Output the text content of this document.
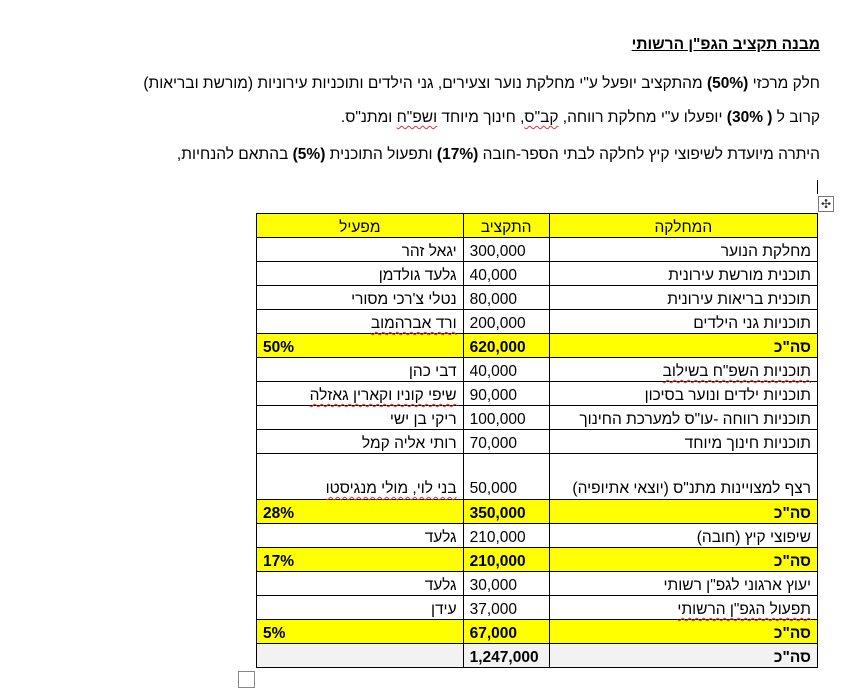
מבנה תקציב הגפ"ן הרשותי
חלק מרכזי (50%) מהתקציב יופעל ע"י מחלקת נוער וצעירים, גני הילדים ותוכניות עירוניות (מורשת ובריאות)
קרוב ל ( 30%) יופעלו ע"י מחלקת רווחה, קב"ס, חינוך מיוחד ושפ"ח ומתנ"ס.
היתרה מיועדת לשיפוצי קיץ לחלקה לבתי הספר-חובה (17%) ותפעול התוכנית (5%) בהתאם להנחיות,
✣
המחלקה	התקציב	מפעיל
מחלקת הנוער	300,000	יגאל זהר
תוכנית מורשת עירונית	40,000	גלעד גולדמן
תוכנית בריאות עירונית	80,000	נטלי צ'רכי מסורי
תוכניות גני הילדים	200,000	ורד אברהמוב
סה"כ	620,000	50%
תוכניות השפ"ח בשילוב	40,000	דבי כהן
תוכניות ילדים ונוער בסיכון	90,000	שיפי קוניו וקארין גאזלה
תוכניות רווחה -עו"ס למערכת החינוך	100,000	ריקי בן ישי
תוכניות חינוך מיוחד	70,000	רותי אליה קמל
רצף למצויינות מתנ"ס (יוצאי אתיופיה)	50,000	בני לוי, מולי מנגיסטו
סה"כ	350,000	28%
שיפוצי קיץ (חובה)	210,000	גלעד
סה"כ	210,000	17%
יעוץ ארגוני לגפ"ן רשותי	30,000	גלעד
תפעול הגפ"ן הרשותי	37,000	עידן
סה"כ	67,000	5%
סה"כ	1,247,000	
